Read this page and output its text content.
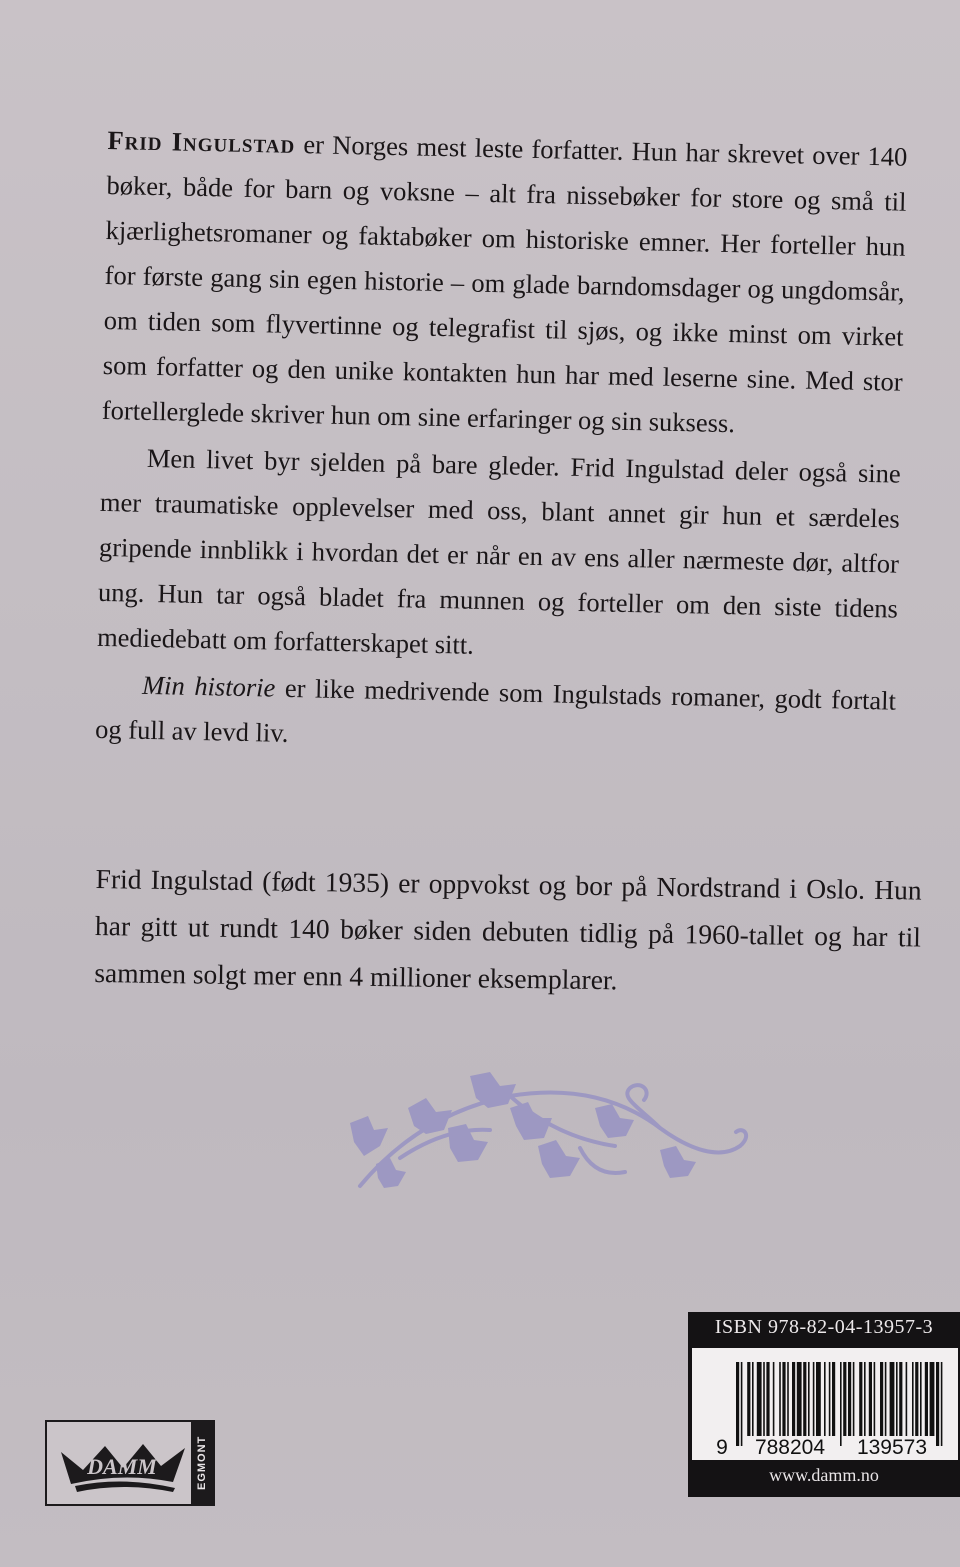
Frid Ingulstad er Norges mest leste forfatter. Hun har skrevet over 140 bøker, både for barn og voksne – alt fra nissebøker for store og små til kjærlighetsromaner og faktabøker om historiske emner. Her forteller hun for første gang sin egen historie – om glade barndomsdager og ungdomsår, om tiden som flyvertinne og telegrafist til sjøs, og ikke minst om virket som forfatter og den unike kontakten hun har med leserne sine. Med stor fortellerglede skriver hun om sine erfaringer og sin suksess.

Men livet byr sjelden på bare gleder. Frid Ingulstad deler også sine mer traumatiske opplevelser med oss, blant annet gir hun et særdeles gripende innblikk i hvordan det er når en av ens aller nærmeste dør, altfor ung. Hun tar også bladet fra munnen og forteller om den siste tidens mediedebatt om forfatterskapet sitt.

Min historie er like medrivende som Ingulstads romaner, godt fortalt og full av levd liv.

Frid Ingulstad (født 1935) er oppvokst og bor på Nordstrand i Oslo. Hun har gitt ut rundt 140 bøker siden debuten tidlig på 1960-tallet og har til sammen solgt mer enn 4 millioner eksemplarer.
DAMM	EGMONT
ISBN 978-82-04-13957-3
9 788204 139573
www.damm.no
